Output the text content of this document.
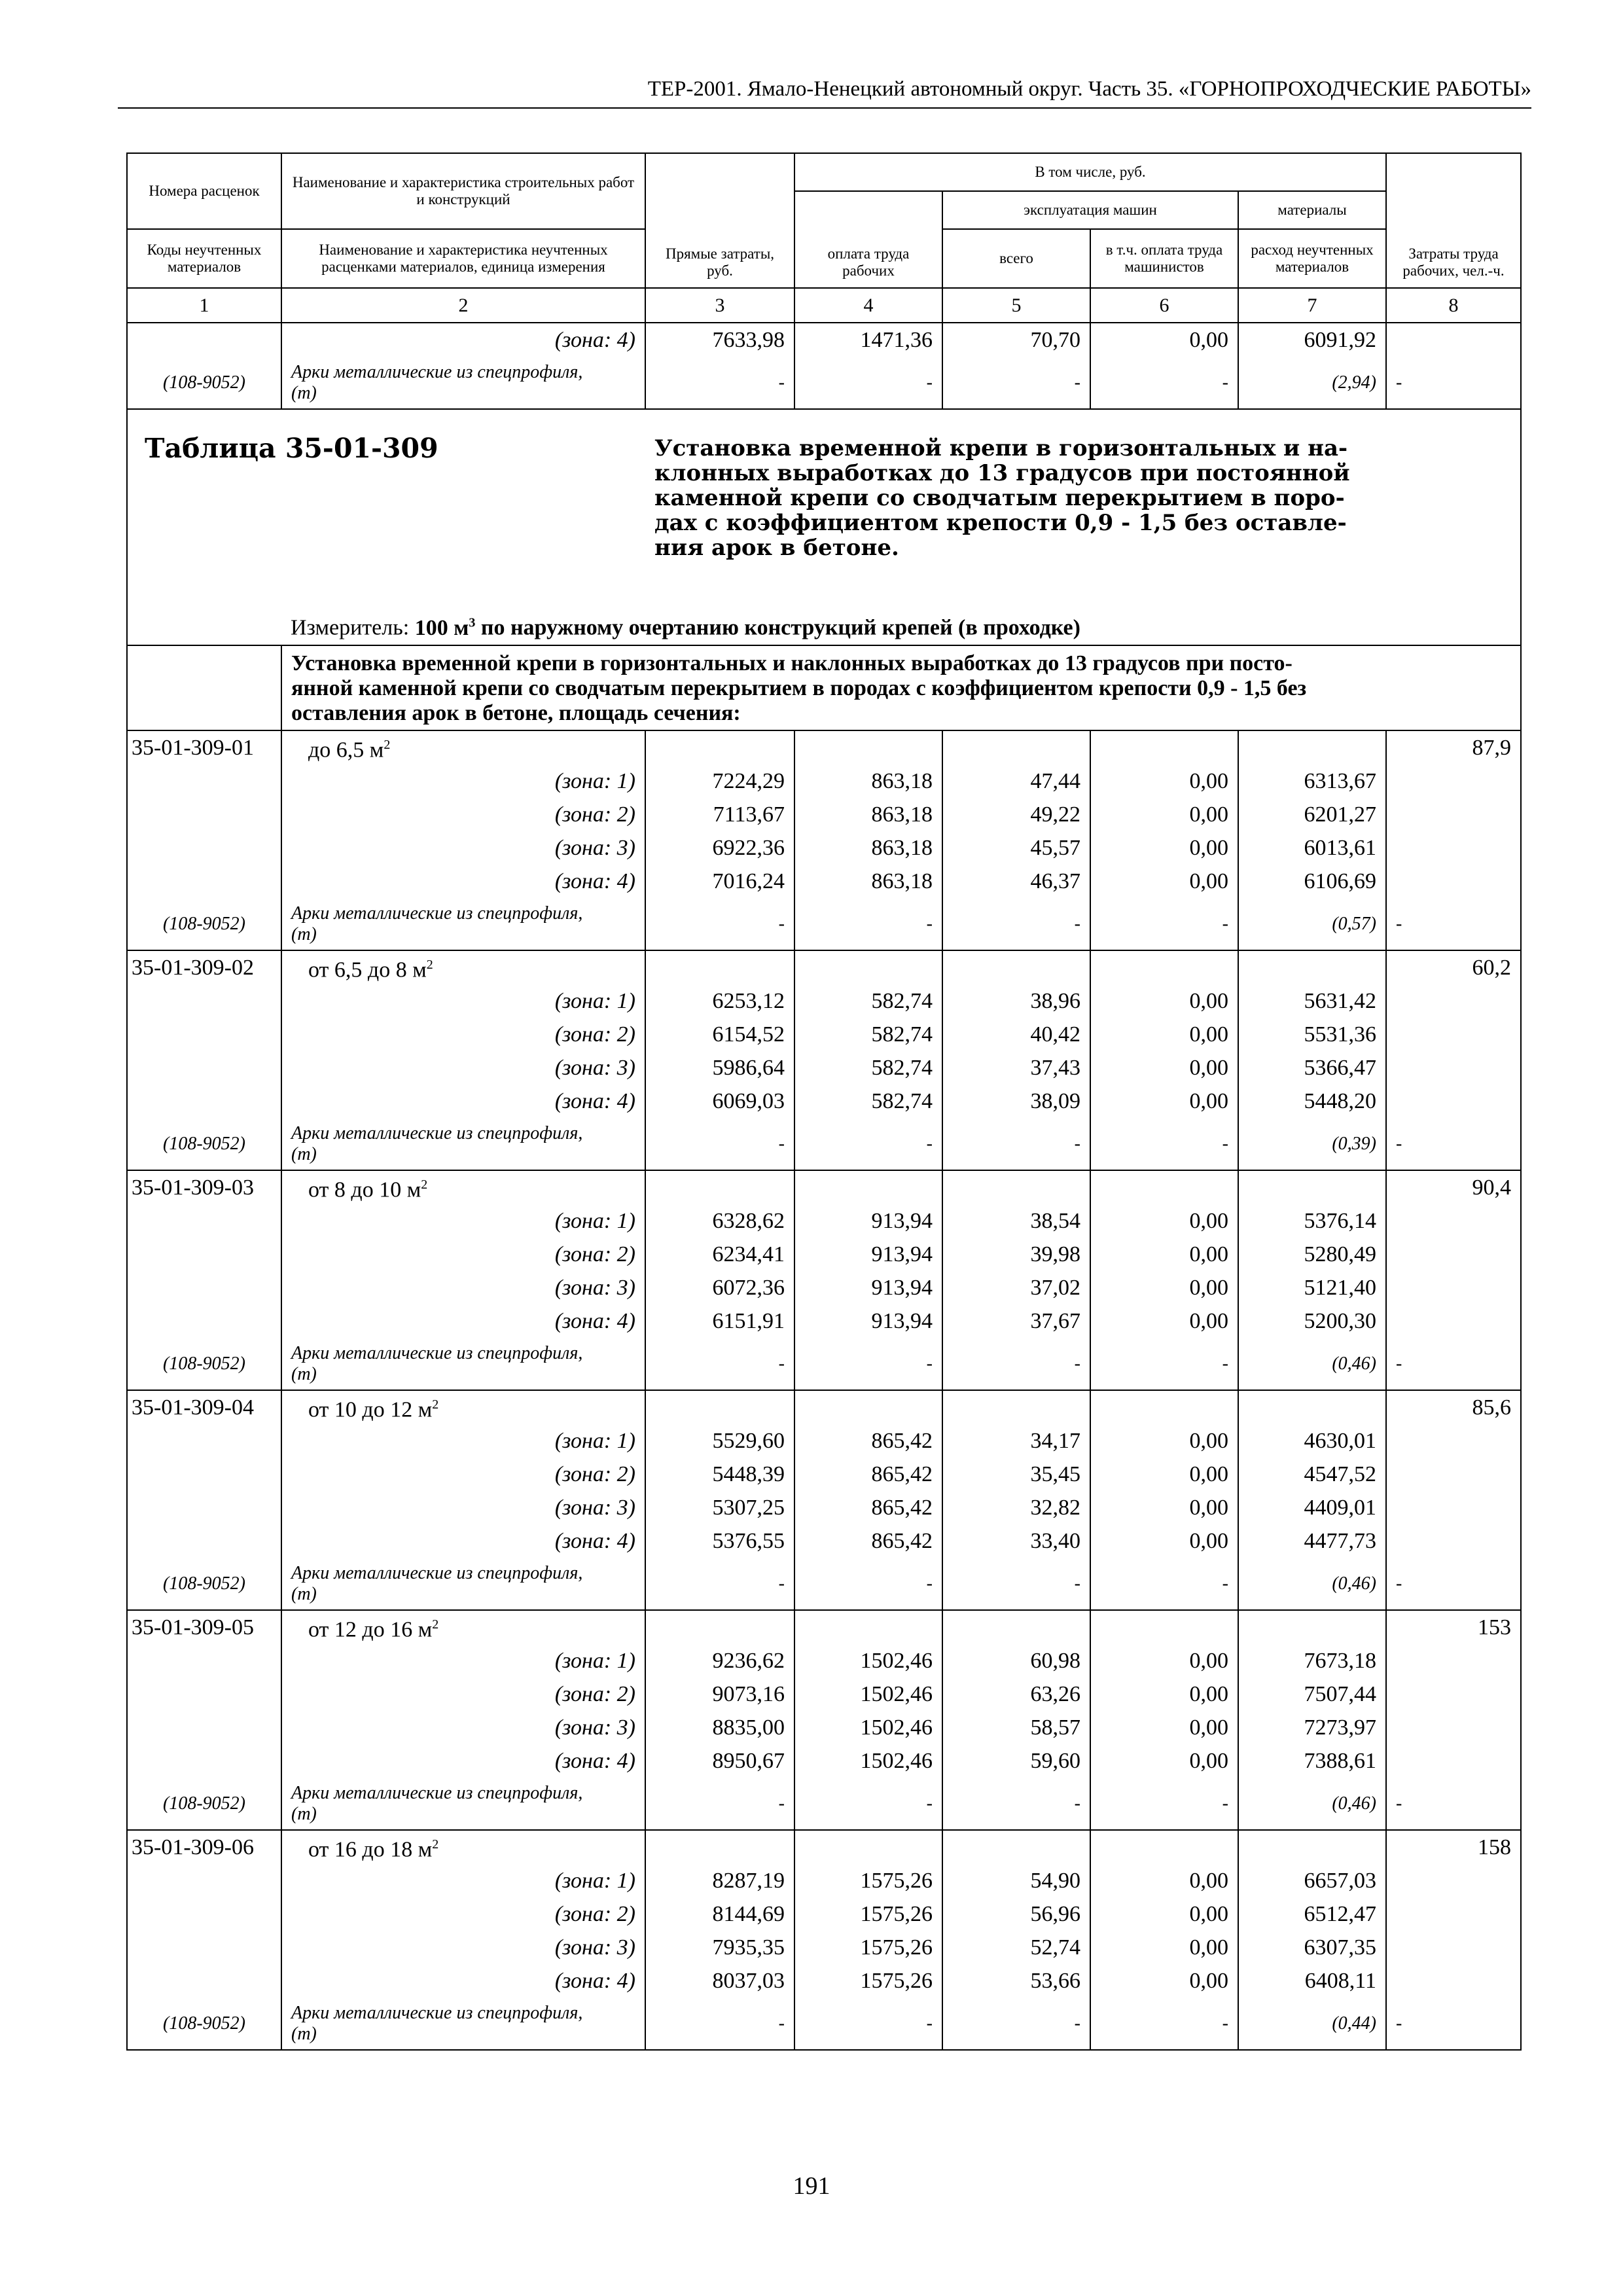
ТЕР-2001. Ямало-Ненецкий автономный округ. Часть 35. «ГОРНОПРОХОДЧЕСКИЕ РАБОТЫ»
Номера расценок	Наименование и характеристика строительных работ и конструкций	Прямые затраты, руб.	В том числе, руб.				Затраты труда рабочих, чел.-ч.
			оплата труда рабочих	эксплуатация машин		материалы	
Коды неучтенных материалов	Наименование и характеристика неучтенных расценками материалов, единица измерения			всего	в т.ч. оплата труда машинистов	расход неучтенных материалов	

1	2	3	4	5	6	7	8
	(зона: 4)	7633,98	1471,36	70,70	0,00	6091,92	
(108-9052)	Арки металлические из спецпрофиля,
(т)	-	-	-	-	(2,94)	-

Таблица 35-01-309		Установка временной крепи в горизонтальных и на-
клонных выработках до 13 градусов при постоянной
каменной крепи со сводчатым перекрытием в поро-
дах с коэффициентом крепости 0,9 - 1,5 без оставле-
ния арок в бетоне.					

	Измеритель: 100 $м^3$ по наружному очертанию конструкций крепей (в проходке)						

	Установка временной крепи в горизонтальных и наклонных выработках до 13 градусов при посто-
янной каменной крепи со сводчатым перекрытием в породах с коэффициентом крепости 0,9 - 1,5 без
оставления арок в бетоне, площадь сечения:						

35-01-309-01	до 6,5 $м^2$						87,9
	(зона: 1)	7224,29	863,18	47,44	0,00	6313,67	
	(зона: 2)	7113,67	863,18	49,22	0,00	6201,27	
	(зона: 3)	6922,36	863,18	45,57	0,00	6013,61	
	(зона: 4)	7016,24	863,18	46,37	0,00	6106,69	
(108-9052)	Арки металлические из спецпрофиля,
(т)	-	-	-	-	(0,57)	-
35-01-309-02	от 6,5 до 8 $м^2$						60,2
	(зона: 1)	6253,12	582,74	38,96	0,00	5631,42	
	(зона: 2)	6154,52	582,74	40,42	0,00	5531,36	
	(зона: 3)	5986,64	582,74	37,43	0,00	5366,47	
	(зона: 4)	6069,03	582,74	38,09	0,00	5448,20	
(108-9052)	Арки металлические из спецпрофиля,
(т)	-	-	-	-	(0,39)	-
35-01-309-03	от 8 до 10 $м^2$						90,4
	(зона: 1)	6328,62	913,94	38,54	0,00	5376,14	
	(зона: 2)	6234,41	913,94	39,98	0,00	5280,49	
	(зона: 3)	6072,36	913,94	37,02	0,00	5121,40	
	(зона: 4)	6151,91	913,94	37,67	0,00	5200,30	
(108-9052)	Арки металлические из спецпрофиля,
(т)	-	-	-	-	(0,46)	-
35-01-309-04	от 10 до 12 $м^2$						85,6
	(зона: 1)	5529,60	865,42	34,17	0,00	4630,01	
	(зона: 2)	5448,39	865,42	35,45	0,00	4547,52	
	(зона: 3)	5307,25	865,42	32,82	0,00	4409,01	
	(зона: 4)	5376,55	865,42	33,40	0,00	4477,73	
(108-9052)	Арки металлические из спецпрофиля,
(т)	-	-	-	-	(0,46)	-
35-01-309-05	от 12 до 16 $м^2$						153
	(зона: 1)	9236,62	1502,46	60,98	0,00	7673,18	
	(зона: 2)	9073,16	1502,46	63,26	0,00	7507,44	
	(зона: 3)	8835,00	1502,46	58,57	0,00	7273,97	
	(зона: 4)	8950,67	1502,46	59,60	0,00	7388,61	
(108-9052)	Арки металлические из спецпрофиля,
(т)	-	-	-	-	(0,46)	-
35-01-309-06	от 16 до 18 $м^2$						158
	(зона: 1)	8287,19	1575,26	54,90	0,00	6657,03	
	(зона: 2)	8144,69	1575,26	56,96	0,00	6512,47	
	(зона: 3)	7935,35	1575,26	52,74	0,00	6307,35	
	(зона: 4)	8037,03	1575,26	53,66	0,00	6408,11	
(108-9052)	Арки металлические из спецпрофиля,
(т)	-	-	-	-	(0,44)	-
191
